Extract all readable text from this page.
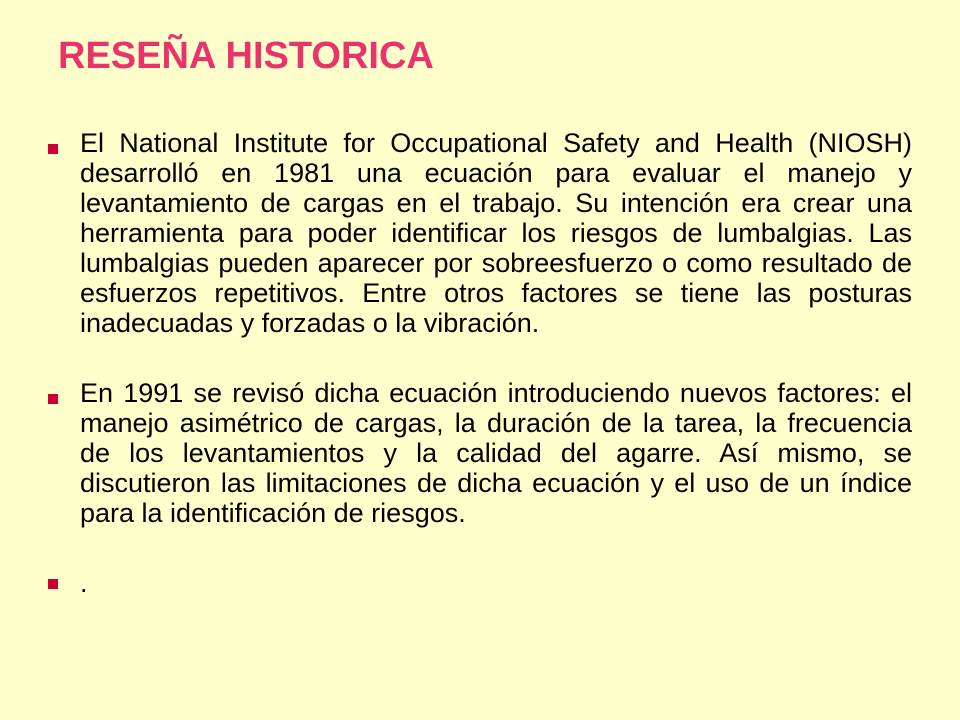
RESEÑA HISTORICA
El National Institute for Occupational Safety and Health (NIOSH) desarrolló en 1981 una ecuación para evaluar el manejo y levantamiento de cargas en el trabajo. Su intención era crear una herramienta para poder identificar los riesgos de lumbalgias. Las lumbalgias pueden aparecer por sobreesfuerzo o como resultado de esfuerzos repetitivos. Entre otros factores se tiene las posturas inadecuadas y forzadas o la vibración.
En 1991 se revisó dicha ecuación introduciendo nuevos factores: el manejo asimétrico de cargas, la duración de la tarea, la frecuencia de los levantamientos y la calidad del agarre. Así mismo, se discutieron las limitaciones de dicha ecuación y el uso de un índice para la identificación de riesgos.
.
